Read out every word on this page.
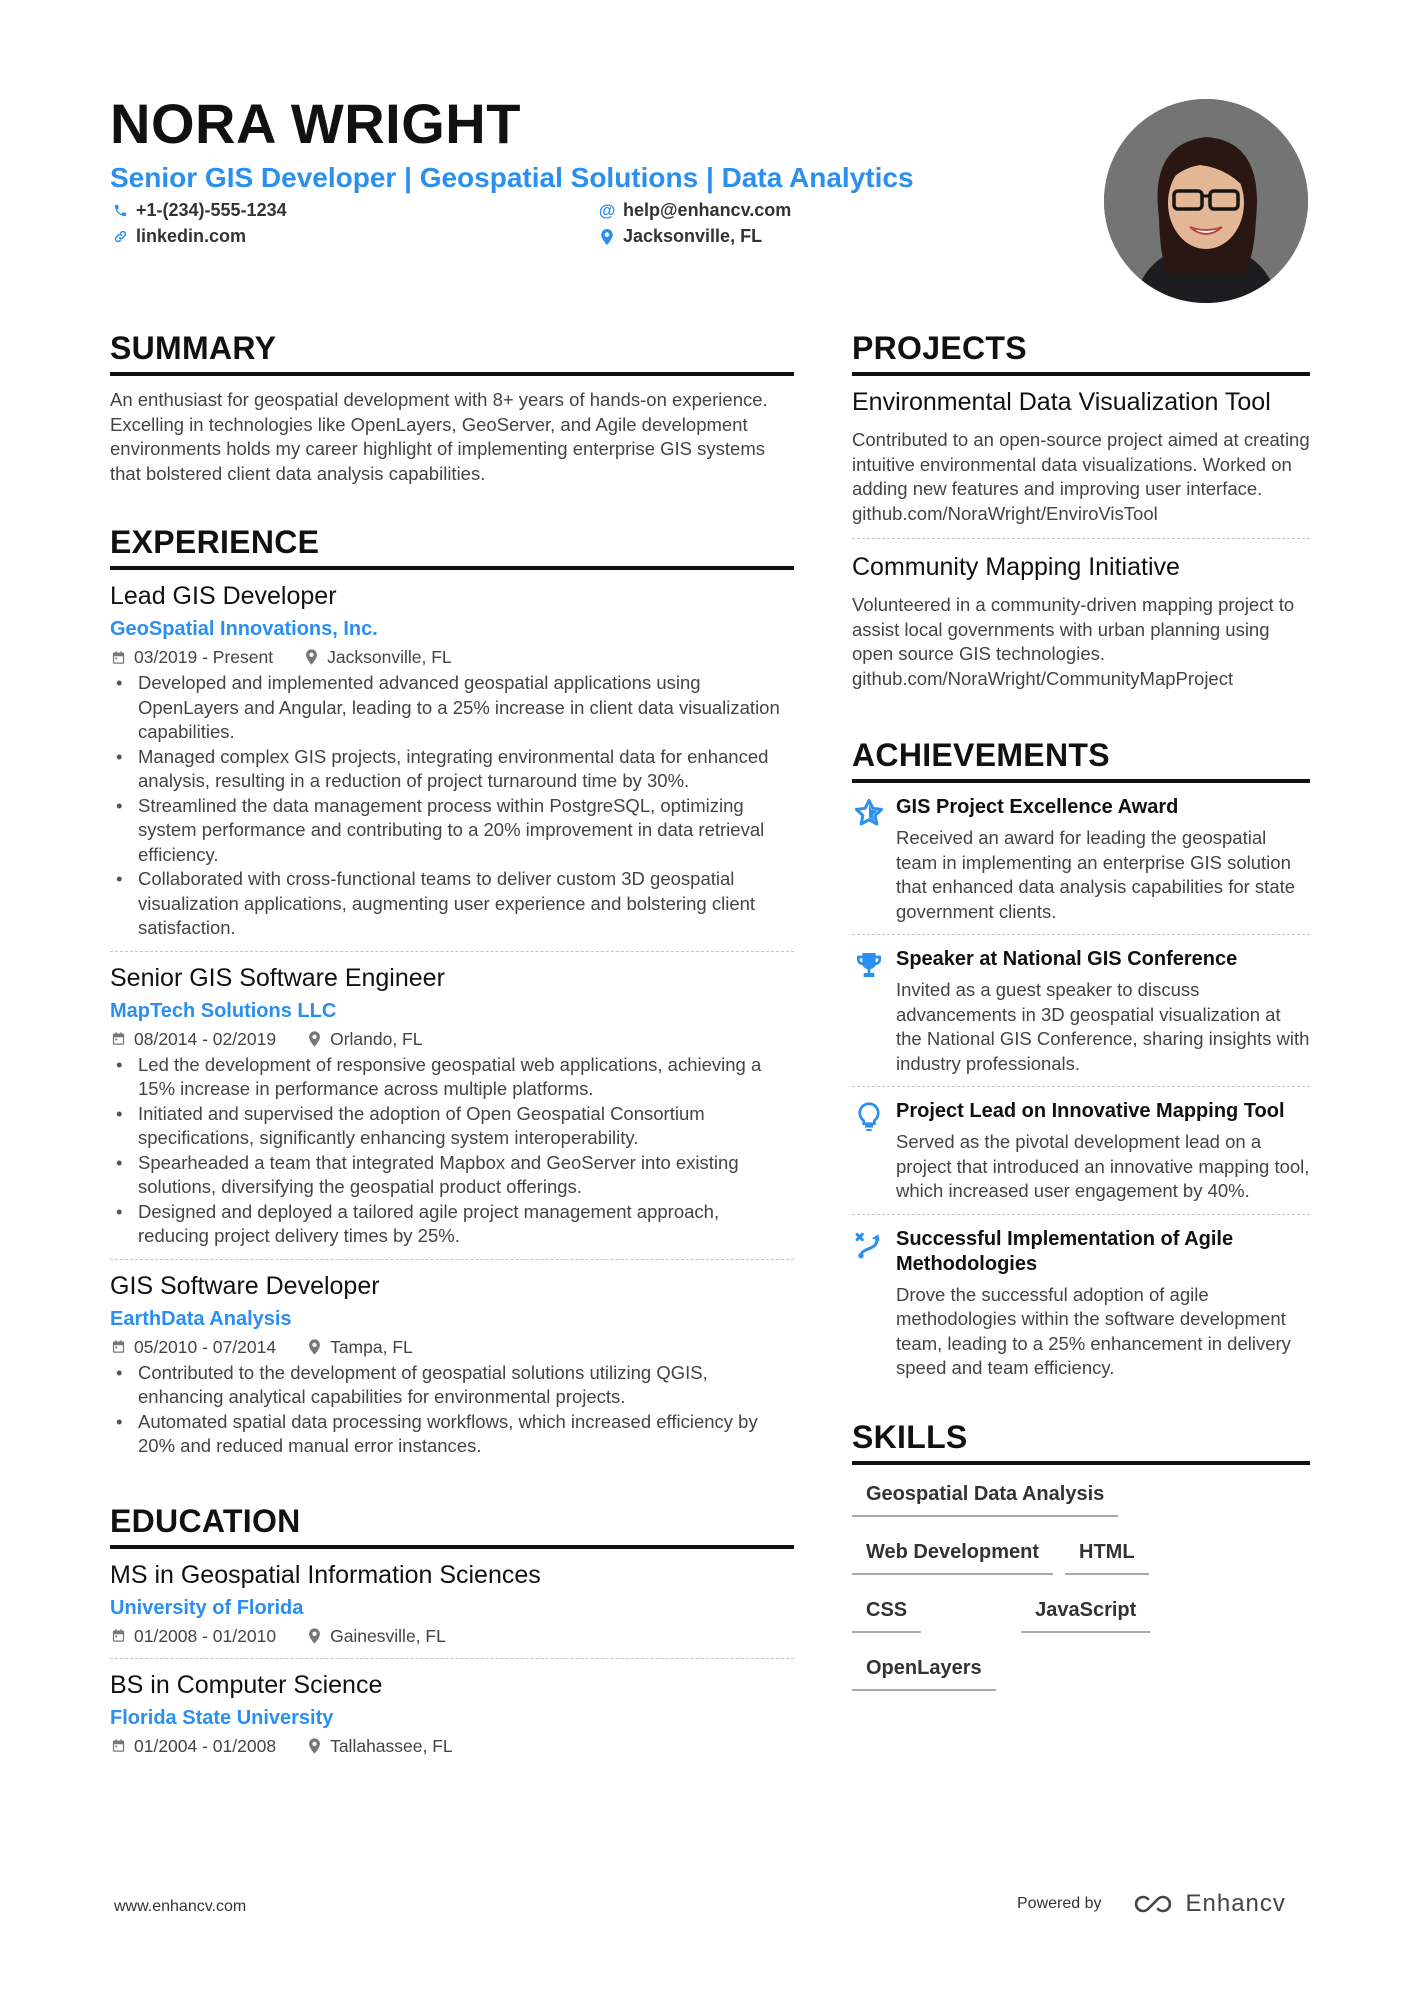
NORA WRIGHT
Senior GIS Developer | Geospatial Solutions | Data Analytics
+1-(234)-555-1234	@ help@enhancv.com
linkedin.com	Jacksonville, FL
SUMMARY
An enthusiast for geospatial development with 8+ years of hands-on experience. Excelling in technologies like OpenLayers, GeoServer, and Agile development environments holds my career highlight of implementing enterprise GIS systems that bolstered client data analysis capabilities.
EXPERIENCE
Lead GIS Developer
GeoSpatial Innovations, Inc.
03/2019 - Present	Jacksonville, FL
• Developed and implemented advanced geospatial applications using OpenLayers and Angular, leading to a 25% increase in client data visualization capabilities.
• Managed complex GIS projects, integrating environmental data for enhanced analysis, resulting in a reduction of project turnaround time by 30%.
• Streamlined the data management process within PostgreSQL, optimizing system performance and contributing to a 20% improvement in data retrieval efficiency.
• Collaborated with cross-functional teams to deliver custom 3D geospatial visualization applications, augmenting user experience and bolstering client satisfaction.
Senior GIS Software Engineer
MapTech Solutions LLC
08/2014 - 02/2019	Orlando, FL
• Led the development of responsive geospatial web applications, achieving a 15% increase in performance across multiple platforms.
• Initiated and supervised the adoption of Open Geospatial Consortium specifications, significantly enhancing system interoperability.
• Spearheaded a team that integrated Mapbox and GeoServer into existing solutions, diversifying the geospatial product offerings.
• Designed and deployed a tailored agile project management approach, reducing project delivery times by 25%.
GIS Software Developer
EarthData Analysis
05/2010 - 07/2014	Tampa, FL
• Contributed to the development of geospatial solutions utilizing QGIS, enhancing analytical capabilities for environmental projects.
• Automated spatial data processing workflows, which increased efficiency by 20% and reduced manual error instances.
EDUCATION
MS in Geospatial Information Sciences
University of Florida
01/2008 - 01/2010	Gainesville, FL
BS in Computer Science
Florida State University
01/2004 - 01/2008	Tallahassee, FL
PROJECTS
Environmental Data Visualization Tool
Contributed to an open-source project aimed at creating intuitive environmental data visualizations. Worked on adding new features and improving user interface. github.com/NoraWright/EnviroVisTool
Community Mapping Initiative
Volunteered in a community-driven mapping project to assist local governments with urban planning using open source GIS technologies. github.com/NoraWright/CommunityMapProject
ACHIEVEMENTS
GIS Project Excellence Award
Received an award for leading the geospatial team in implementing an enterprise GIS solution that enhanced data analysis capabilities for state government clients.
Speaker at National GIS Conference
Invited as a guest speaker to discuss advancements in 3D geospatial visualization at the National GIS Conference, sharing insights with industry professionals.
Project Lead on Innovative Mapping Tool
Served as the pivotal development lead on a project that introduced an innovative mapping tool, which increased user engagement by 40%.
Successful Implementation of Agile Methodologies
Drove the successful adoption of agile methodologies within the software development team, leading to a 25% enhancement in delivery speed and team efficiency.
SKILLS
Geospatial Data Analysis
Web Development	HTML
CSS	JavaScript
OpenLayers
www.enhancv.com	Powered by	Enhancv
